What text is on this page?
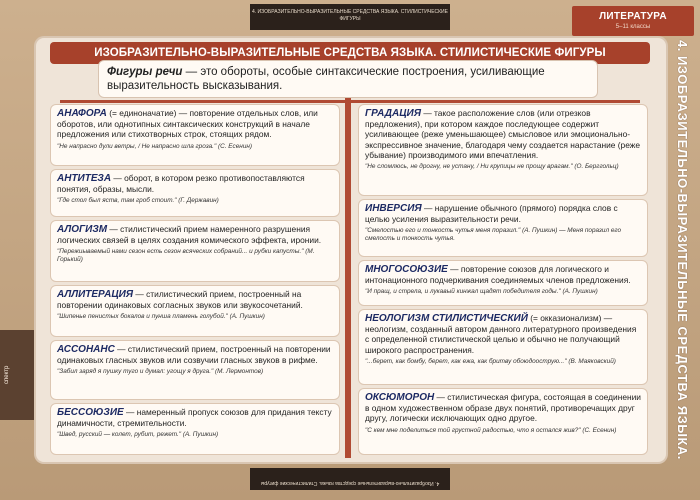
4. ИЗОБРАЗИТЕЛЬНО-ВЫРАЗИТЕЛЬНЫЕ СРЕДСТВА ЯЗЫКА. СТИЛИСТИЧЕСКИЕ ФИГУРЫ	ЛИТЕРАТУРА
5–11 классы
4. ИЗОБРАЗИТЕЛЬНО-ВЫРАЗИТЕЛЬНЫЕ СРЕДСТВА ЯЗЫКА.
спектр
ИЗОБРАЗИТЕЛЬНО-ВЫРАЗИТЕЛЬНЫЕ СРЕДСТВА ЯЗЫКА. СТИЛИСТИЧЕСКИЕ ФИГУРЫ
Фигуры речи — это обороты, особые синтаксические построения, усиливающие выразительность высказывания.
АНАФОРА (= единоначатие) — повторение отдельных слов, или оборотов, или однотипных синтаксических конструкций в начале предложения или стихотворных строк, стоящих рядом.
"Не напрасно дули ветры, / Не напрасно шла гроза." (С. Есенин)
АНТИТЕЗА — оборот, в котором резко противопоставляются понятия, образы, мысли.
"Где стол был яств, там гроб стоит." (Г. Державин)
АЛОГИЗМ — стилистический прием намеренного разрушения логических связей в целях создания комического эффекта, иронии.
"Пережиываемый нами сезон есть сезон всяческих собраний... и рубки капусты." (М. Горький)
АЛЛИТЕРАЦИЯ — стилистический прием, построенный на повторении одинаковых согласных звуков или звукосочетаний.
"Шипенье пенистых бокалов и пунша пламень голубой." (А. Пушкин)
АССОНАНС — стилистический прием, построенный на повторении одинаковых гласных звуков или созвучии гласных звуков в рифме.
"Забил заряд я пушку туго и думал: угощу я друга." (М. Лермонтов)
БЕССОЮЗИЕ — намеренный пропуск союзов для придания тексту динамичности, стремительности.
"Швед, русский — колет, рубит, режет." (А. Пушкин)
ГРАДАЦИЯ — такое расположение слов (или отрезков предложения), при котором каждое последующее содержит усиливающее (реже уменьшающее) смысловое или эмоционально-экспрессивное значение, благодаря чему создается нарастание (реже убывание) производимого ими впечатления.
"Не сломлюсь, не дрогну, не устану, / Ни крупицы не прощу врагам." (О. Берггольц)
ИНВЕРСИЯ — нарушение обычного (прямого) порядка слов с целью усиления выразительности речи.
"Смелостью его и тонкость чутья меня поразил." (А. Пушкин) — Меня поразил его смелость и тонкость чутья.
МНОГОСОЮЗИЕ — повторение союзов для логического и интонационного подчеркивания соединяемых членов предложения.
"И пращ, и стрела, и лукавый кинжал щадят победителя годы." (А. Пушкин)
НЕОЛОГИЗМ СТИЛИСТИЧЕСКИЙ (= окказионализм) — неологизм, созданный автором данного литературного произведения с определенной стилистической целью и обычно не получающий широкого распространения.
"...берет, как бомбу, берет, как ежа, как бритву обоюдоострую..." (В. Маяковский)
ОКСЮМОРОН — стилистическая фигура, состоящая в соединении в одном художественном образе двух понятий, противоречащих друг другу, логически исключающих одно другое.
"С кем мне поделиться той грустной радостью, что я остался жив?" (С. Есенин)
4. Изобразительно-выразительные средства языка. Стилистические фигуры
